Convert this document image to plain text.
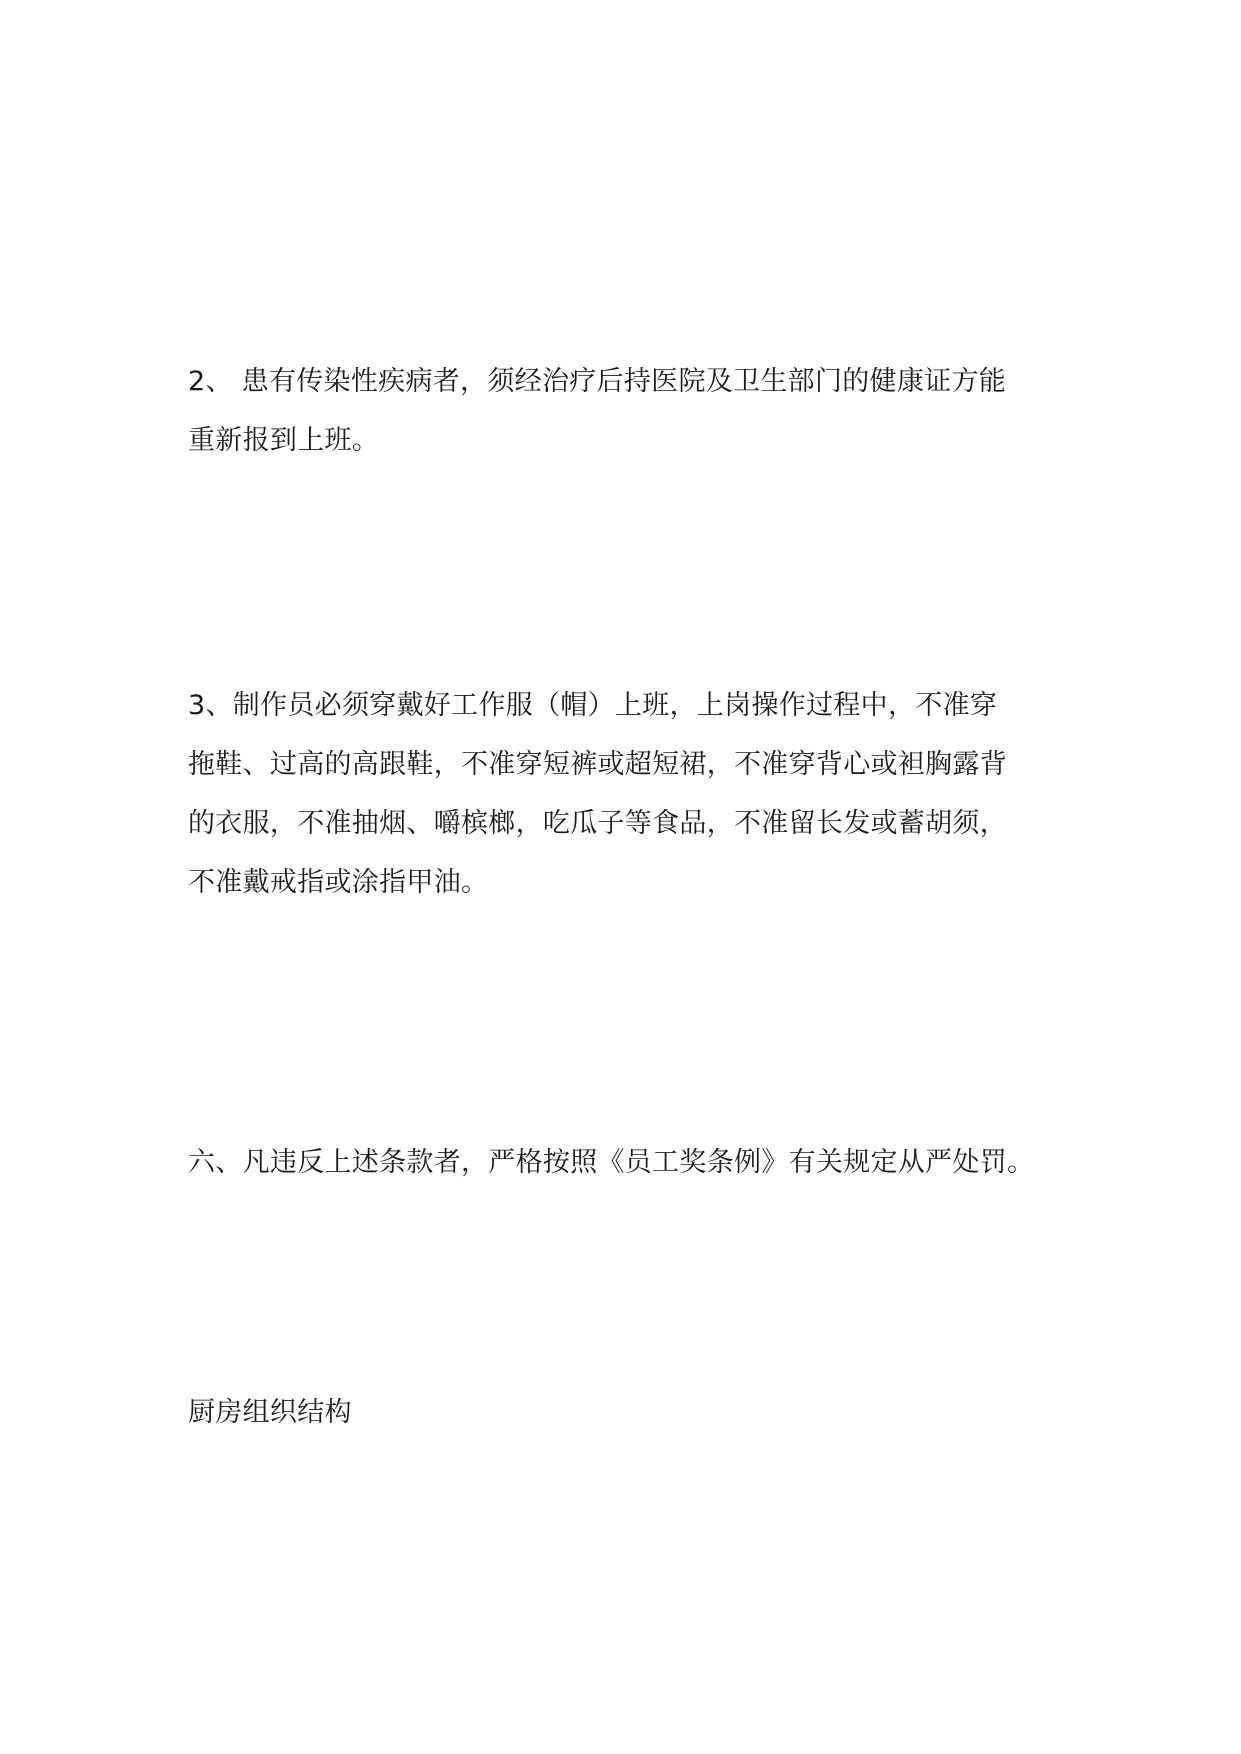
2、 患有传染性疾病者，须经治疗后持医院及卫生部门的健康证方能
重新报到上班。

3、制作员必须穿戴好工作服（帽）上班，上岗操作过程中，不准穿
拖鞋、过高的高跟鞋，不准穿短裤或超短裙，不准穿背心或袒胸露背
的衣服，不准抽烟、嚼槟榔，吃瓜子等食品，不准留长发或蓄胡须，
不准戴戒指或涂指甲油。

六、凡违反上述条款者，严格按照《员工奖条例》有关规定从严处罚。

厨房组织结构
